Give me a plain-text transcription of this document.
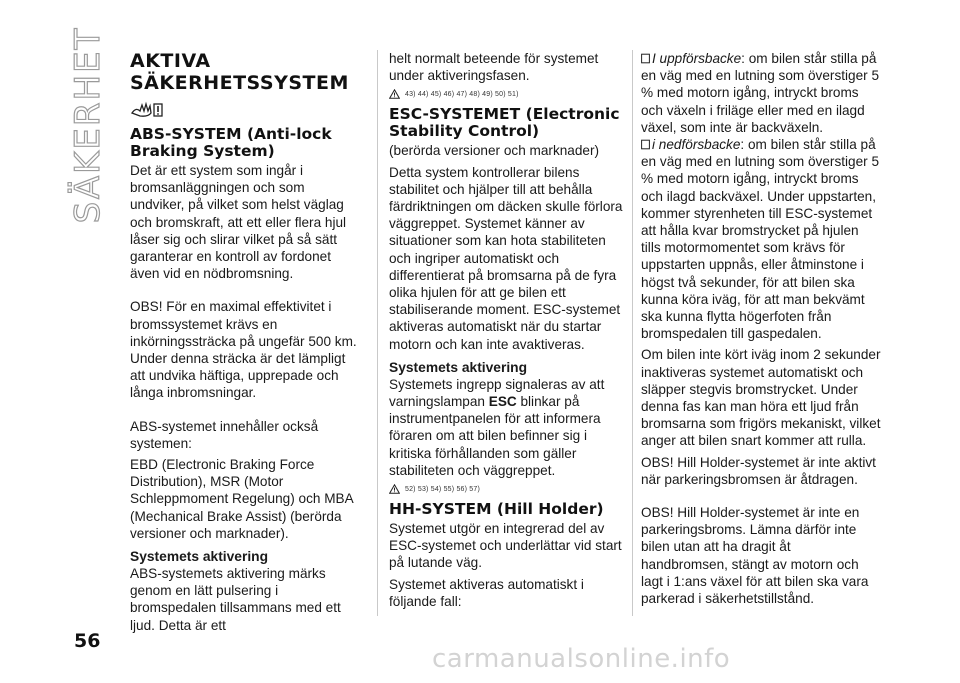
SÄKERHET AKTIVA SÄKERHETSSYSTEM
ABS-SYSTEM (Anti-lock Braking System)

Det är ett system som ingår i bromsanläggningen och som undviker, på vilket som helst väglag och bromskraft, att ett eller flera hjul låser sig och slirar vilket på så sätt garanterar en kontroll av fordonet även vid en nödbromsning.

OBS! För en maximal effektivitet i bromssystemet krävs en inkörningssträcka på ungefär 500 km. Under denna sträcka är det lämpligt att undvika häftiga, upprepade och långa inbromsningar.

ABS-systemet innehåller också systemen:

EBD (Electronic Braking Force Distribution), MSR (Motor Schleppmoment Regelung) och MBA (Mechanical Brake Assist) (berörda versioner och marknader).

Systemets aktivering

ABS-systemets aktivering märks genom en lätt pulsering i bromspedalen tillsammans med ett ljud. Detta är ett

helt normalt beteende för systemet under aktiveringsfasen.

43) 44) 45) 46) 47) 48) 49) 50) 51)
ESC-SYSTEMET (Electronic Stability Control)

(berörda versioner och marknader)

Detta system kontrollerar bilens stabilitet och hjälper till att behålla färdriktningen om däcken skulle förlora väggreppet. Systemet känner av situationer som kan hota stabiliteten och ingriper automatiskt och differentierat på bromsarna på de fyra olika hjulen för att ge bilen ett stabiliserande moment. ESC-systemet aktiveras automatiskt när du startar motorn och kan inte avaktiveras.

Systemets aktivering

Systemets ingrepp signaleras av att varningslampan ESC blinkar på instrumentpanelen för att informera föraren om att bilen befinner sig i kritiska förhållanden som gäller stabiliteten och väggreppet.

52) 53) 54) 55) 56) 57)
HH-SYSTEM (Hill Holder)

Systemet utgör en integrerad del av ESC-systemet och underlättar vid start på lutande väg.

Systemet aktiveras automatiskt i följande fall:

I uppförsbacke: om bilen står stilla på en väg med en lutning som överstiger 5 % med motorn igång, intryckt broms och växeln i friläge eller med en ilagd växel, som inte är backväxeln.

i nedförsbacke: om bilen står stilla på en väg med en lutning som överstiger 5 % med motorn igång, intryckt broms och ilagd backväxel. Under uppstarten, kommer styrenheten till ESC-systemet att hålla kvar bromstrycket på hjulen tills motormomentet som krävs för uppstarten uppnås, eller åtminstone i högst två sekunder, för att bilen ska kunna köra iväg, för att man bekvämt ska kunna flytta högerfoten från bromspedalen till gaspedalen.

Om bilen inte kört iväg inom 2 sekunder inaktiveras systemet automatiskt och släpper stegvis bromstrycket. Under denna fas kan man höra ett ljud från bromsarna som frigörs mekaniskt, vilket anger att bilen snart kommer att rulla.

OBS! Hill Holder-systemet är inte aktivt när parkeringsbromsen är åtdragen.

OBS! Hill Holder-systemet är inte en parkeringsbroms. Lämna därför inte bilen utan att ha dragit åt handbromsen, stängt av motorn och lagt i 1:ans växel för att bilen ska vara parkerad i säkerhetstillstånd.

56
carmanualsonline.info
